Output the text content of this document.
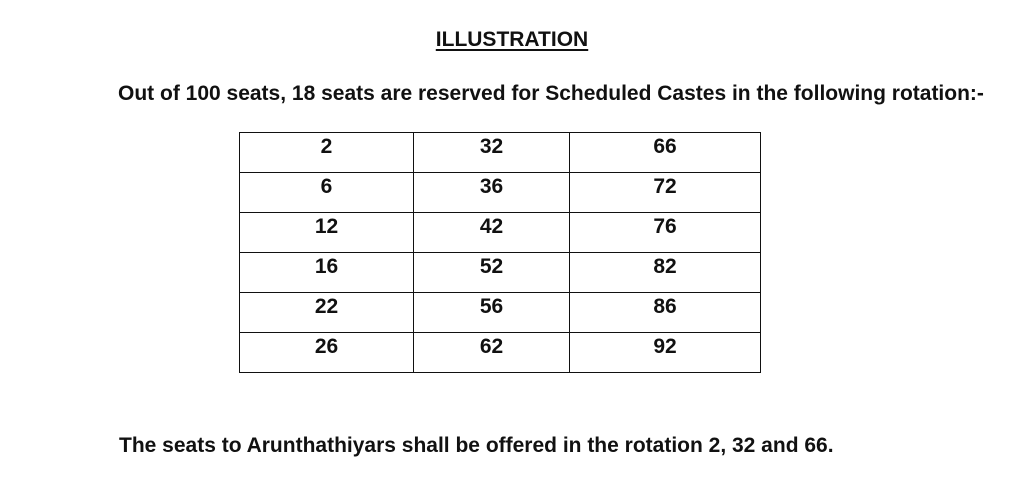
ILLUSTRATION

Out of 100 seats, 18 seats are reserved for Scheduled Castes in the following rotation:-

2	32	66
6	36	72
12	42	76
16	52	82
22	56	86
26	62	92

The seats to Arunthathiyars shall be offered in the rotation 2, 32 and 66.
